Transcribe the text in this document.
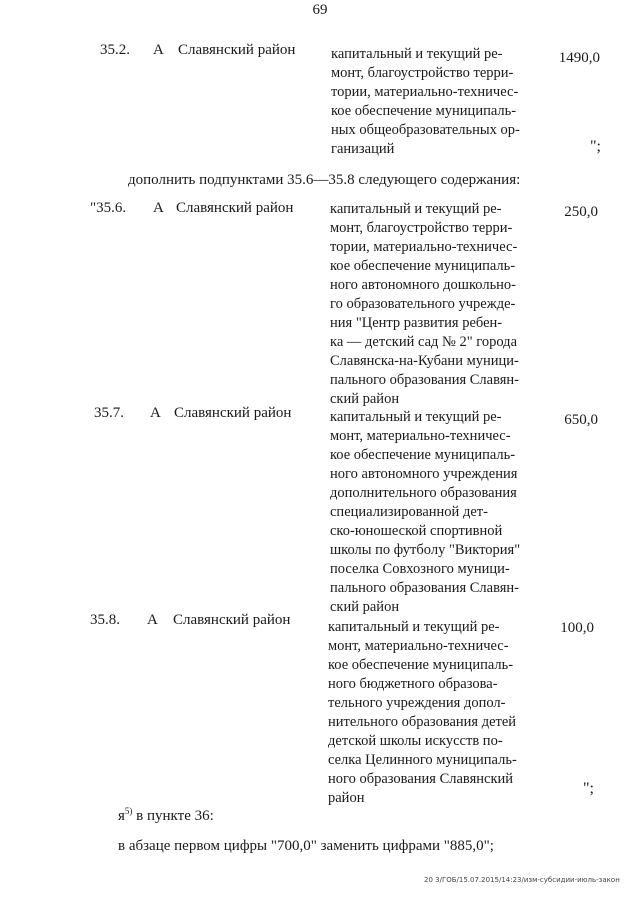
69
35.2. А Славянский район капитальный и текущий ре-
монт, благоустройство терри-
тории, материально-техничес-
кое обеспечение муниципаль-
ных общеобразовательных ор-
ганизаций
1490,0
";
дополнить подпунктами 35.6—35.8 следующего содержания:
"35.6. А Славянский район	капитальный и текущий ре-
монт, благоустройство терри-
тории, материально-техничес-
кое обеспечение муниципаль-
ного автономного дошкольно-
го образовательного учрежде-
ния "Центр развития ребен-
ка — детский сад № 2" города
Славянска-на-Кубани муници-
пального образования Славян-
ский район
250,0
35.7. А Славянский район	капитальный и текущий ре-
монт, материально-техничес-
кое обеспечение муниципаль-
ного автономного учреждения
дополнительного образования
специализированной дет-
ско-юношеской спортивной
школы по футболу "Виктория"
поселка Совхозного муници-
пального образования Славян-
ский район
650,0
35.8. А Славянский район	капитальный и текущий ре-
монт, материально-техничес-
кое обеспечение муниципаль-
ного бюджетного образова-
тельного учреждения допол-
нительного образования детей
детской школы искусств по-
селка Целинного муниципаль-
ного образования Славянский
район
100,0
";
$я^{5)}$ в пункте 36:
в абзаце первом цифры "700,0" заменить цифрами "885,0";
20 3/ГОБ/15.07.2015/14:23/изм-субсидии-июль-закон
